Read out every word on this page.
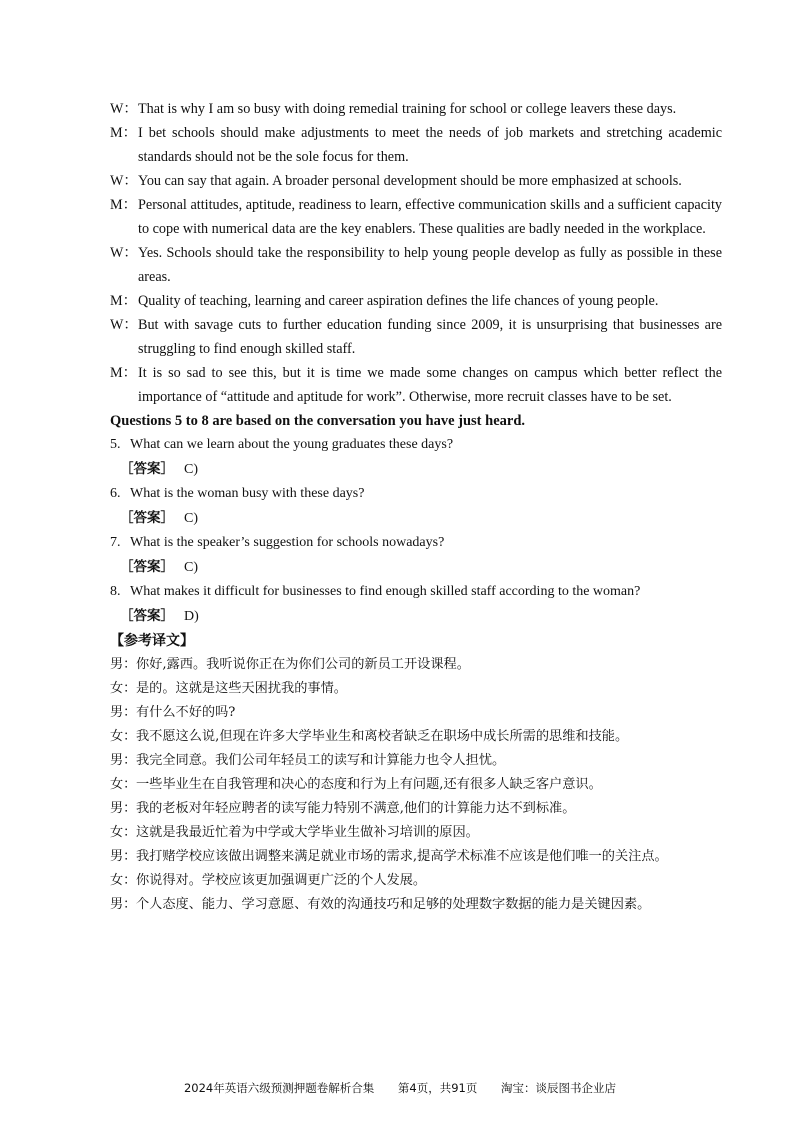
W： That is why I am so busy with doing remedial training for school or college leavers these days.
M： I bet schools should make adjustments to meet the needs of job markets and stretching academic standards should not be the sole focus for them.
W： You can say that again. A broader personal development should be more emphasized at schools.
M： Personal attitudes, aptitude, readiness to learn, effective communication skills and a sufficient capacity to cope with numerical data are the key enablers. These qualities are badly needed in the workplace.
W： Yes. Schools should take the responsibility to help young people develop as fully as possible in these areas.
M： Quality of teaching, learning and career aspiration defines the life chances of young people.
W： But with savage cuts to further education funding since 2009, it is unsurprising that businesses are struggling to find enough skilled staff.
M： It is so sad to see this, but it is time we made some changes on campus which better reflect the importance of “attitude and aptitude for work”. Otherwise, more recruit classes have to be set.
Questions 5 to 8 are based on the conversation you have just heard.
5. What can we learn about the young graduates these days?
［答案］ C)
6. What is the woman busy with these days?
［答案］ C)
7. What is the speaker’s suggestion for schools nowadays?
［答案］ C)
8. What makes it difficult for businesses to find enough skilled staff according to the woman?
［答案］ D)
【参考译文】
男： 你好,露西。我听说你正在为你们公司的新员工开设课程。
女： 是的。这就是这些天困扰我的事情。
男： 有什么不好的吗?
女： 我不愿这么说,但现在许多大学毕业生和离校者缺乏在职场中成长所需的思维和技能。
男： 我完全同意。我们公司年轻员工的读写和计算能力也令人担忧。
女： 一些毕业生在自我管理和决心的态度和行为上有问题,还有很多人缺乏客户意识。
男： 我的老板对年轻应聘者的读写能力特别不满意,他们的计算能力达不到标准。
女： 这就是我最近忙着为中学或大学毕业生做补习培训的原因。
男： 我打赌学校应该做出调整来满足就业市场的需求,提高学术标准不应该是他们唯一的关注点。
女： 你说得对。学校应该更加强调更广泛的个人发展。
男： 个人态度、能力、学习意愿、有效的沟通技巧和足够的处理数字数据的能力是关键因素。
2024年英语六级预测押题卷解析合集 第4页，共91页 淘宝：谈辰图书企业店
